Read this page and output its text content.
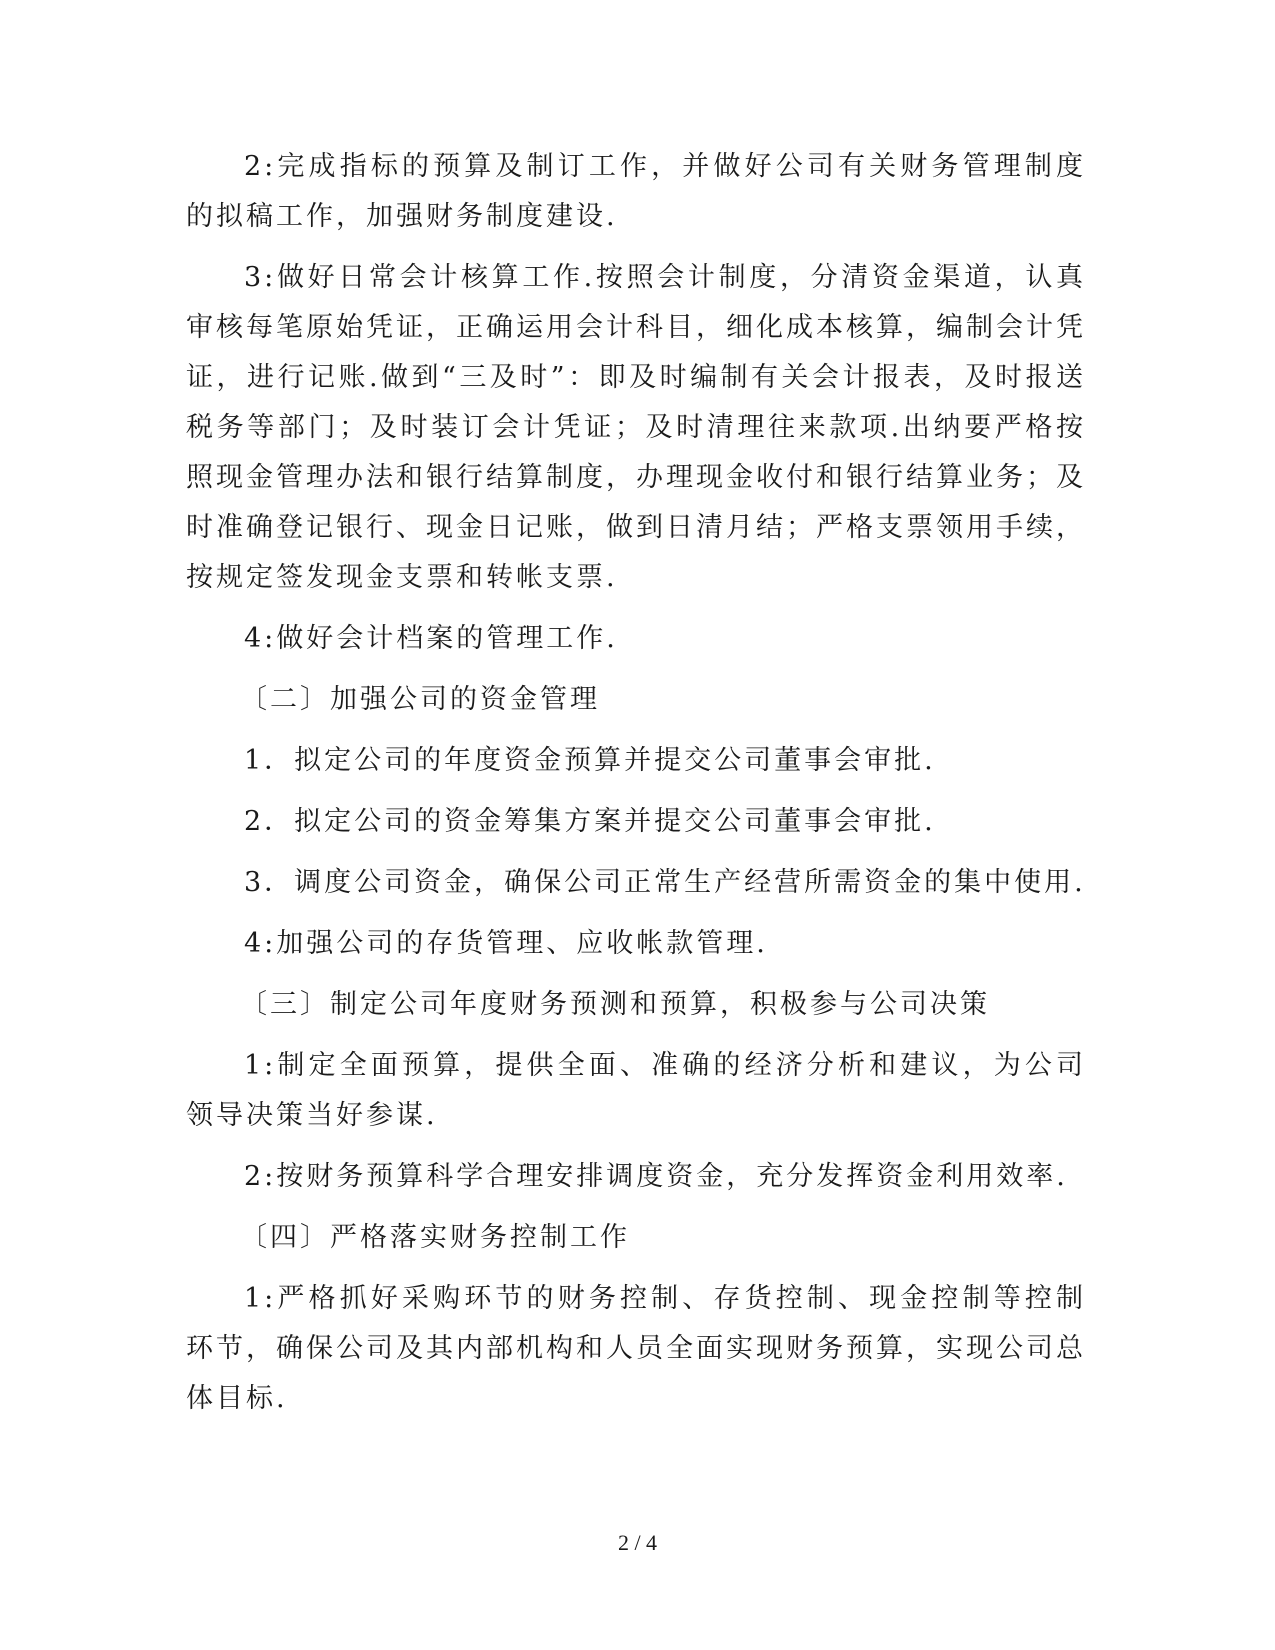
2:完成指标的预算及制订工作，并做好公司有关财务管理制度的拟稿工作，加强财务制度建设.

3:做好日常会计核算工作.按照会计制度，分清资金渠道，认真审核每笔原始凭证，正确运用会计科目，细化成本核算，编制会计凭证，进行记账.做到“三及时”：即及时编制有关会计报表，及时报送税务等部门；及时装订会计凭证；及时清理往来款项.出纳要严格按照现金管理办法和银行结算制度，办理现金收付和银行结算业务；及时准确登记银行、现金日记账，做到日清月结；严格支票领用手续，按规定签发现金支票和转帐支票.

4:做好会计档案的管理工作.

〔二〕加强公司的资金管理

1．拟定公司的年度资金预算并提交公司董事会审批.

2．拟定公司的资金筹集方案并提交公司董事会审批.

3．调度公司资金，确保公司正常生产经营所需资金的集中使用.

4:加强公司的存货管理、应收帐款管理.

〔三〕制定公司年度财务预测和预算，积极参与公司决策

1:制定全面预算，提供全面、准确的经济分析和建议，为公司领导决策当好参谋.

2:按财务预算科学合理安排调度资金，充分发挥资金利用效率.

〔四〕严格落实财务控制工作

1:严格抓好采购环节的财务控制、存货控制、现金控制等控制环节，确保公司及其内部机构和人员全面实现财务预算，实现公司总体目标.

2 / 4
